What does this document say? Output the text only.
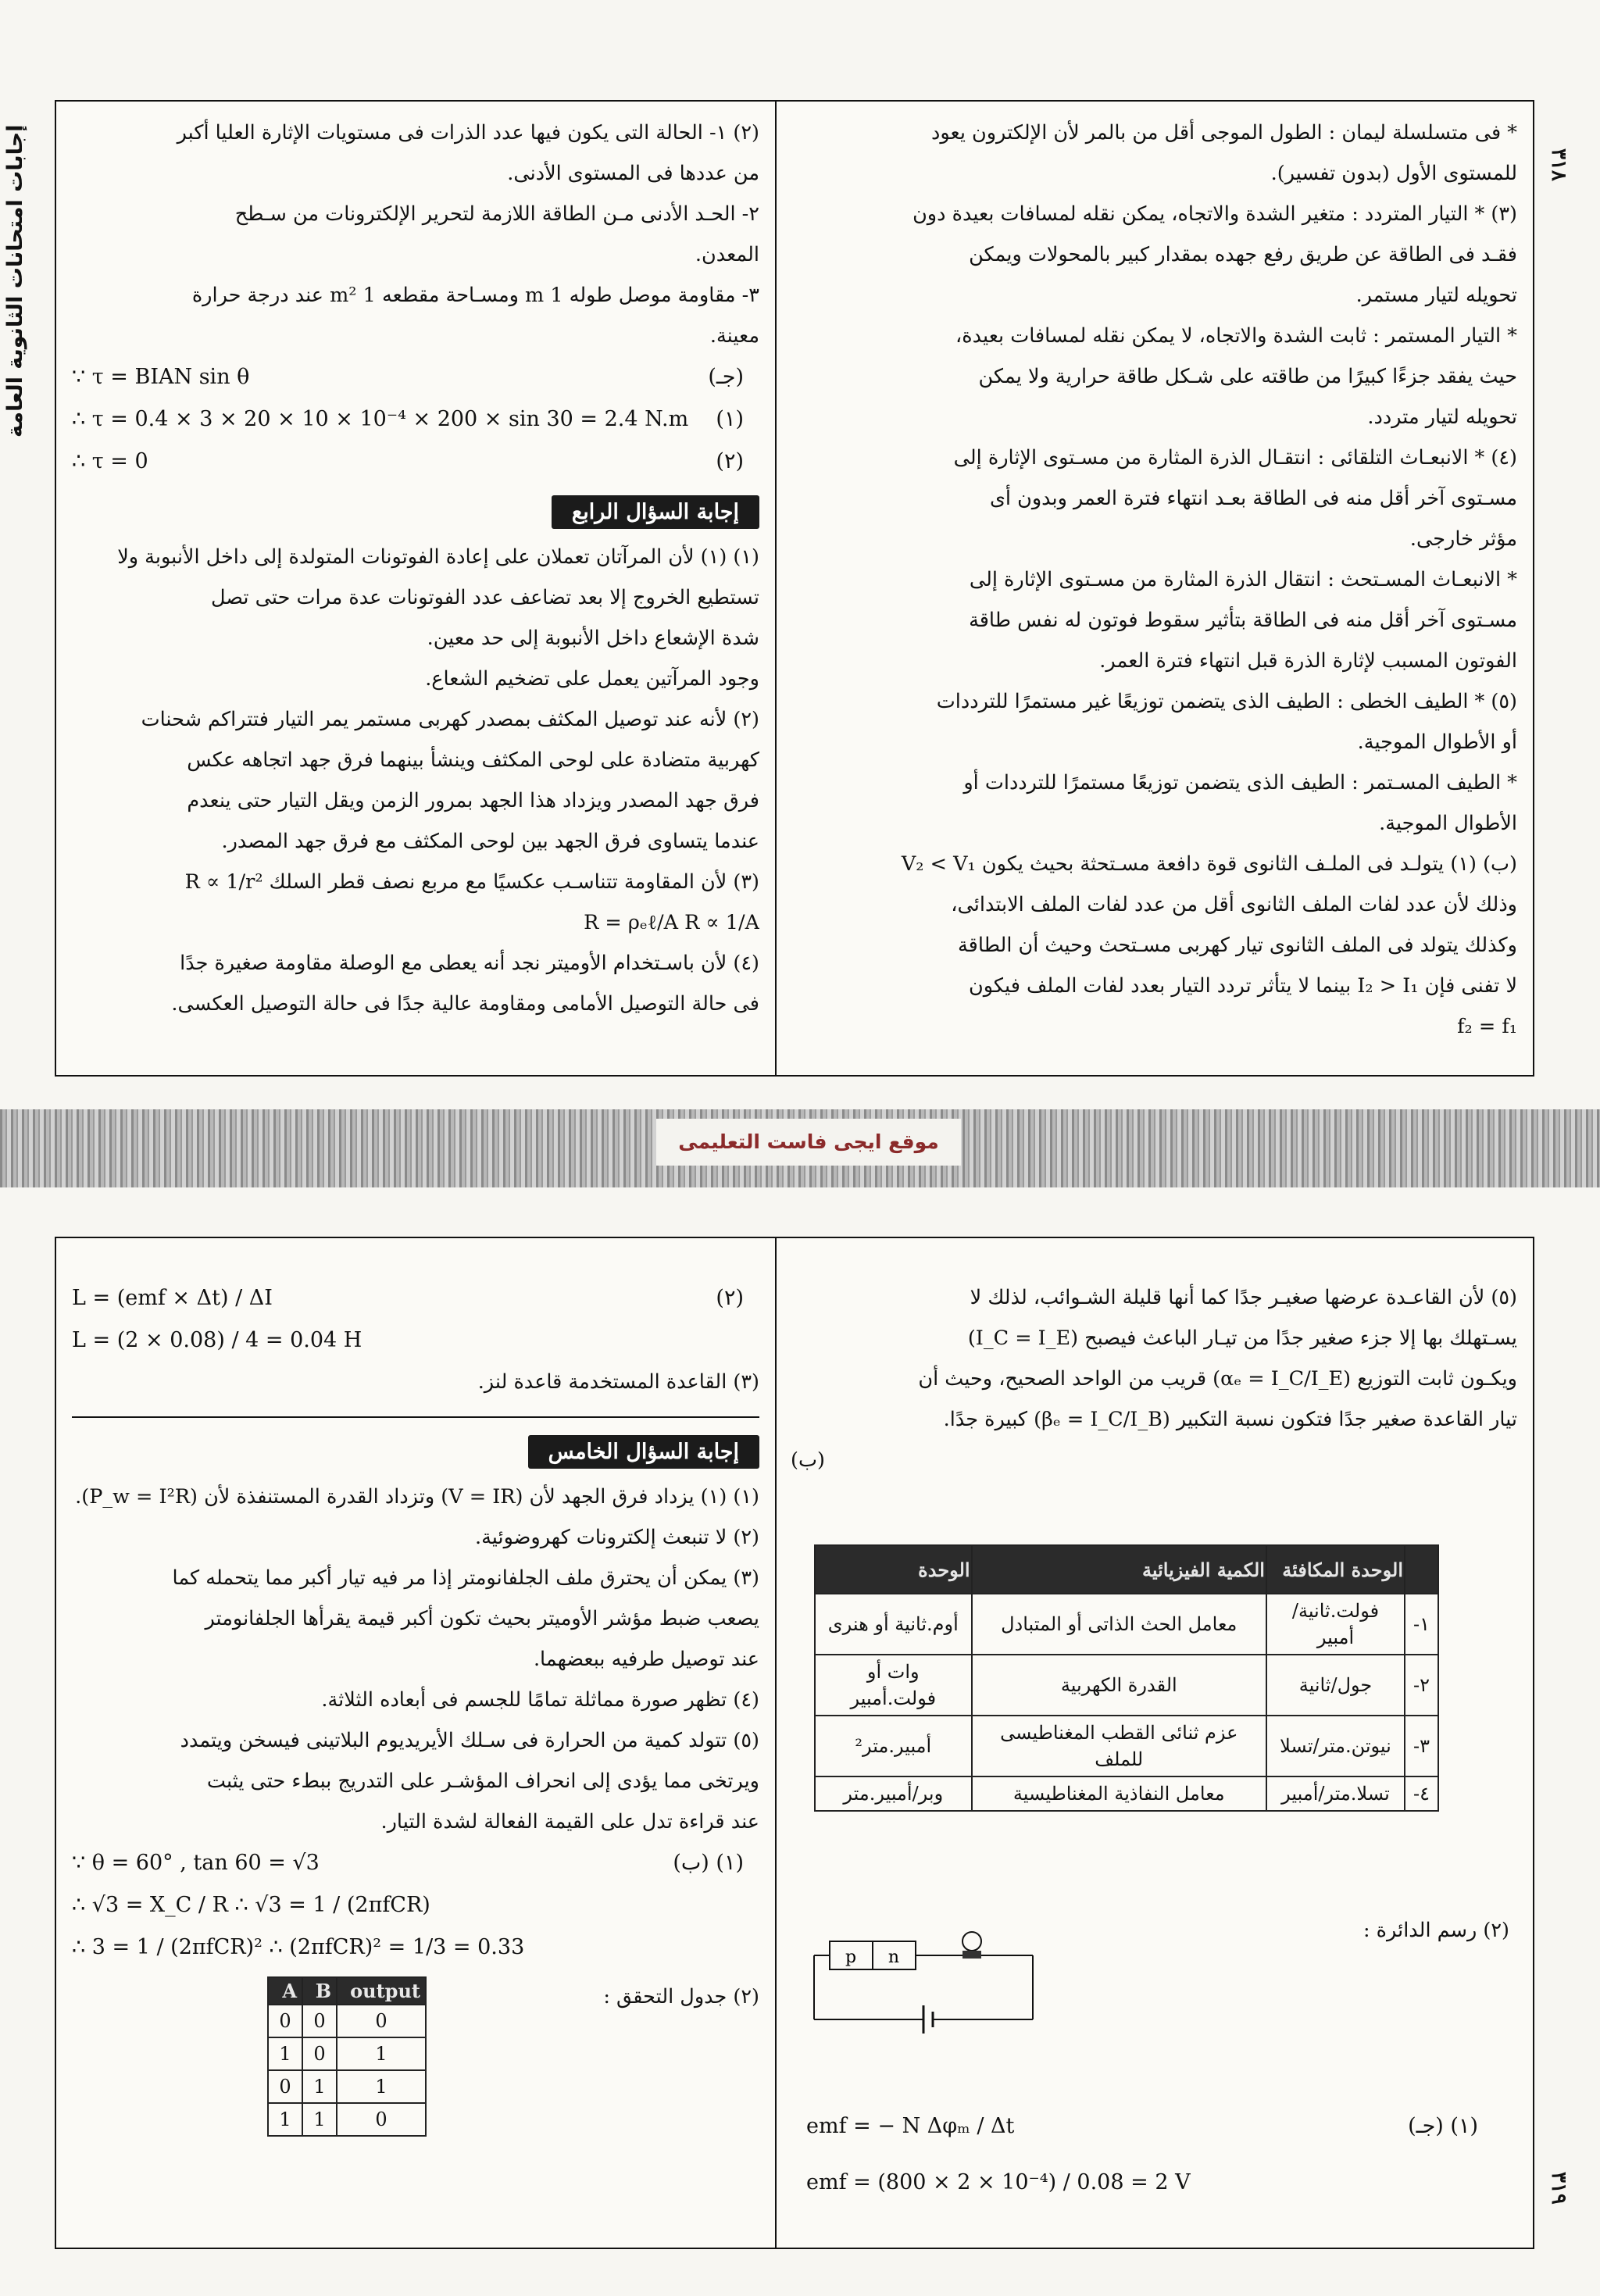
* فى متسلسلة ليمان : الطول الموجى أقل من بالمر لأن الإلكترون يعود

للمستوى الأول (بدون تفسير).

(٣) * التيار المتردد : متغير الشدة والاتجاه، يمكن نقله لمسافات بعيدة دون

فقـد فى الطاقة عن طريق رفع جهده بمقدار كبير بالمحولات ويمكن

تحويله لتيار مستمر.

* التيار المستمر : ثابت الشدة والاتجاه، لا يمكن نقله لمسافات بعيدة،

حيث يفقد جزءًا كبيرًا من طاقته على شـكل طاقة حرارية ولا يمكن

تحويله لتيار متردد.

(٤) * الانبعـاث التلقائى : انتقـال الذرة المثارة من مسـتوى الإثارة إلى

مسـتوى آخر أقل منه فى الطاقة بعـد انتهاء فترة العمر وبدون أى

مؤثر خارجى.

* الانبعـاث المسـتحث : انتقال الذرة المثارة من مسـتوى الإثارة إلى

مسـتوى آخر أقل منه فى الطاقة بتأثير سقوط فوتون له نفس طاقة

الفوتون المسبب لإثارة الذرة قبل انتهاء فترة العمر.

(٥) * الطيف الخطى : الطيف الذى يتضمن توزيعًا غير مستمرًا للترددات

أو الأطوال الموجية.

* الطيف المسـتمر : الطيف الذى يتضمن توزيعًا مستمرًا للترددات أو

الأطوال الموجية.

(ب) (١) يتولـد فى الملـف الثانوى قوة دافعة مسـتحثة بحيث يكون V₂ < V₁

وذلك لأن عدد لفات الملف الثانوى أقل من عدد لفات الملف الابتدائى،

وكذلك يتولد فى الملف الثانوى تيار كهربى مسـتحث وحيث أن الطاقة

لا تفنى فإن I₂ > I₁ بينما لا يتأثر تردد التيار بعدد لفات الملف فيكون

f₂ = f₁

(٢) ١- الحالة التى يكون فيها عدد الذرات فى مستويات الإثارة العليا أكبر

من عددها فى المستوى الأدنى.

٢- الحـد الأدنى مـن الطاقة اللازمة لتحرير الإلكترونات من سـطح

المعدن.

٣- مقاومة موصل طوله 1 m ومسـاحة مقطعه 1 m² عند درجة حرارة

معينة.

∵ τ = BIAN sin θ	(جـ)
∴ τ = 0.4 × 3 × 20 × 10 × 10⁻⁴ × 200 × sin 30 = 2.4 N.m (١)
∴ τ = 0	(٢)
إجابة السؤال الرابع

(١) (١) لأن المرآتان تعملان على إعادة الفوتونات المتولدة إلى داخل الأنبوبة ولا

تستطيع الخروج إلا بعد تضاعف عدد الفوتونات عدة مرات حتى تصل

شدة الإشعاع داخل الأنبوبة إلى حد معين.

وجود المرآتين يعمل على تضخيم الشعاع.

(٢) لأنه عند توصيل المكثف بمصدر كهربى مستمر يمر التيار فتتراكم شحنات

كهربية متضادة على لوحى المكثف وينشأ بينهما فرق جهد اتجاهه عكس

فرق جهد المصدر ويزداد هذا الجهد بمرور الزمن ويقل التيار حتى ينعدم

عندما يتساوى فرق الجهد بين لوحى المكثف مع فرق جهد المصدر.

(٣) لأن المقاومة تتناسـب عكسيًا مع مربع نصف قطر السلك R ∝ 1/r²

R = ρₑℓ/A R ∝ 1/A

(٤) لأن باسـتخدام الأوميتر نجد أنه يعطى مع الوصلة مقاومة صغيرة جدًا

فى حالة التوصيل الأمامى ومقاومة عالية جدًا فى حالة التوصيل العكسى.

إجابات امتحانات الثانوية العامة	٣١٨
موقع ايجى فاست التعليمى

(٥) لأن القاعـدة عرضها صغيـر جدًا كما أنها قليلة الشـوائب، لذلك لا

يسـتهلك بها إلا جزء صغير جدًا من تيـار الباعث فيصبح (I_C = I_E)

ويكـون ثابت التوزيع (αₑ = I_C/I_E) قريب من الواحد الصحيح، وحيث أن

تيار القاعدة صغير جدًا فتكون نسبة التكبير (βₑ = I_C/I_B) كبيرة جدًا.

(ب)

	الوحدة المكافئة	الكمية الفيزيائية	الوحدة
١-	فولت.ثانية/أمبير	معامل الحث الذاتى أو المتبادل	أوم.ثانية أو هنرى
٢-	جول/ثانية	القدرة الكهربية	وات أو فولت.أمبير
٣-	نيوتن.متر/تسلا	عزم ثنائى القطب المغناطيسى للملف	أمبير.متر²
٤-	تسلا.متر/أمبير	معامل النفاذية المغناطيسية	وبر/أمبير.متر

(٢) رسم الدائرة :

p n
emf = − N Δφₘ / Δt	(١) (جـ)
emf = (800 × 2 × 10⁻⁴) / 0.08 = 2 V
L = (emf × Δt) / ΔI	(٢)
L = (2 × 0.08) / 4 = 0.04 H

(٣) القاعدة المستخدمة قاعدة لنز.

إجابة السؤال الخامس

(١) (١) يزداد فرق الجهد لأن (V = IR) وتزداد القدرة المستنفذة لأن (P_w = I²R).

(٢) لا تنبعث إلكترونات كهروضوئية.

(٣) يمكن أن يحترق ملف الجلفانومتر إذا مر فيه تيار أكبر مما يتحمله كما

يصعب ضبط مؤشر الأوميتر بحيث تكون أكبر قيمة يقرأها الجلفانومتر

عند توصيل طرفيه ببعضهما.

(٤) تظهر صورة مماثلة تمامًا للجسم فى أبعاده الثلاثة.

(٥) تتولد كمية من الحرارة فى سـلك الأيريديوم البلاتينى فيسخن ويتمدد

ويرتخى مما يؤدى إلى انحراف المؤشـر على التدريج ببطء حتى يثبت

عند قراءة تدل على القيمة الفعالة لشدة التيار.

∵ θ = 60° , tan 60 = √3	(١) (ب)
∴ √3 = X_C / R ∴ √3 = 1 / (2πfCR)
∴ 3 = 1 / (2πfCR)² ∴ (2πfCR)² = 1/3 = 0.33

(٢) جدول التحقق :

A	B	output
0	0	0
1	0	1
0	1	1
1	1	0
٣١٩
